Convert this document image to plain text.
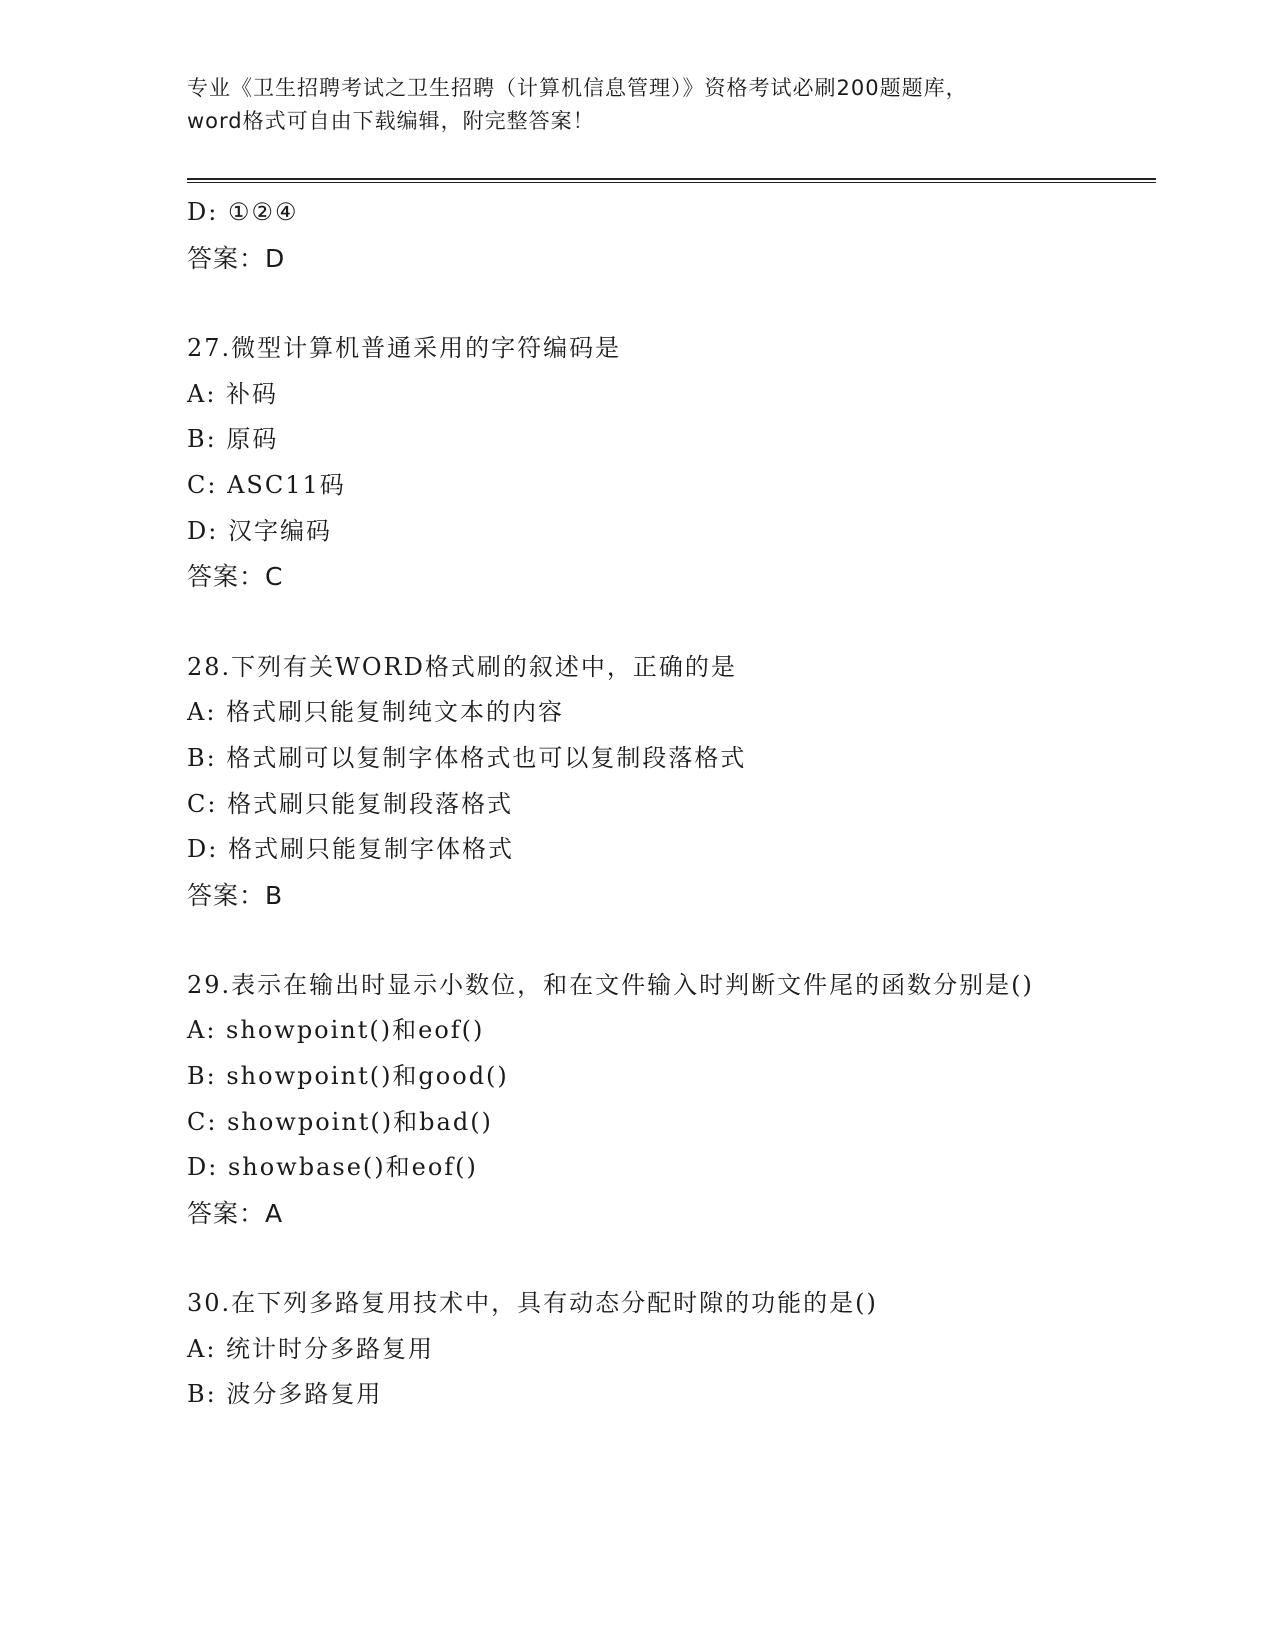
专业《卫生招聘考试之卫生招聘（计算机信息管理）》资格考试必刷200题题库，
word格式可自由下载编辑，附完整答案！
D: ①②④
答案：D
27.微型计算机普通采用的字符编码是
A: 补码
B: 原码
C: ASC11码
D: 汉字编码
答案：C
28.下列有关WORD格式刷的叙述中，正确的是
A: 格式刷只能复制纯文本的内容
B: 格式刷可以复制字体格式也可以复制段落格式
C: 格式刷只能复制段落格式
D: 格式刷只能复制字体格式
答案：B
29.表示在输出时显示小数位，和在文件输入时判断文件尾的函数分别是()
A: showpoint()和eof()
B: showpoint()和good()
C: showpoint()和bad()
D: showbase()和eof()
答案：A
30.在下列多路复用技术中，具有动态分配时隙的功能的是()
A: 统计时分多路复用
B: 波分多路复用
